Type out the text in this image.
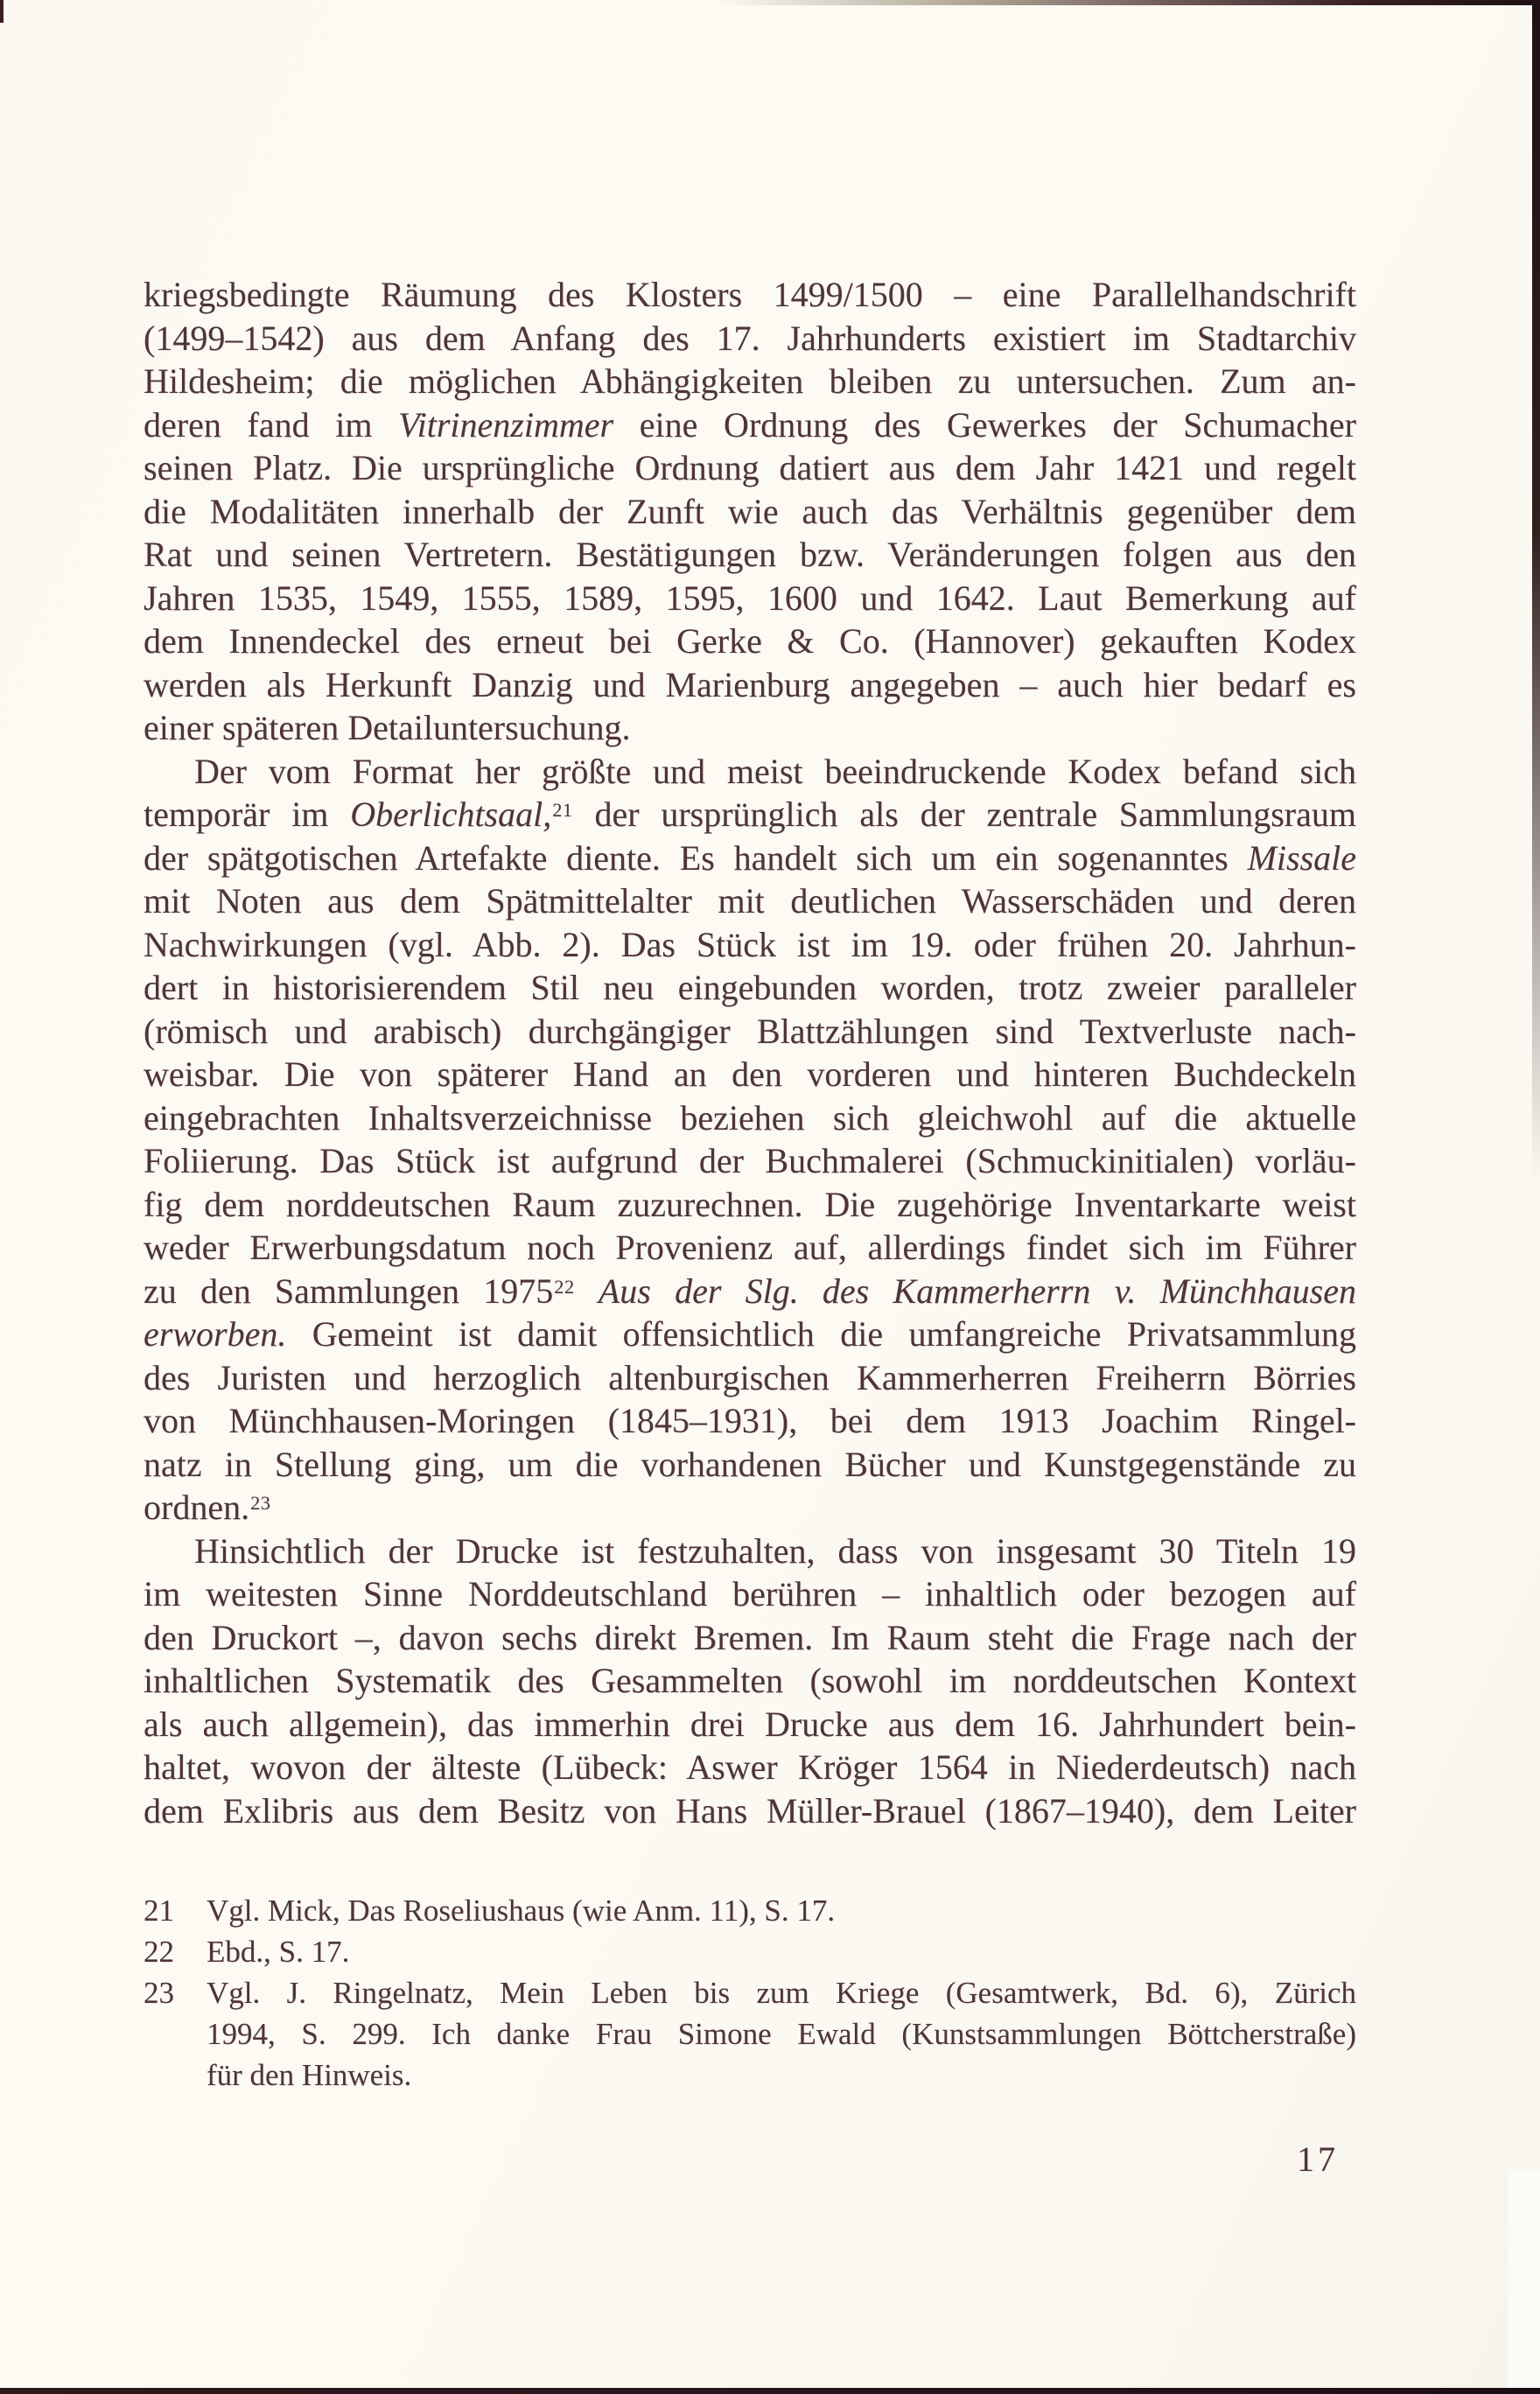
kriegsbedingte Räumung des Klosters 1499/1500 – eine Parallelhandschrift
(1499–1542) aus dem Anfang des 17. Jahrhunderts existiert im Stadtarchiv
Hildesheim; die möglichen Abhängigkeiten bleiben zu untersuchen. Zum an-
deren fand im Vitrinenzimmer eine Ordnung des Gewerkes der Schumacher
seinen Platz. Die ursprüngliche Ordnung datiert aus dem Jahr 1421 und regelt
die Modalitäten innerhalb der Zunft wie auch das Verhältnis gegenüber dem
Rat und seinen Vertretern. Bestätigungen bzw. Veränderungen folgen aus den
Jahren 1535, 1549, 1555, 1589, 1595, 1600 und 1642. Laut Bemerkung auf
dem Innendeckel des erneut bei Gerke & Co. (Hannover) gekauften Kodex
werden als Herkunft Danzig und Marienburg angegeben – auch hier bedarf es
einer späteren Detailuntersuchung.
Der vom Format her größte und meist beeindruckende Kodex befand sich
temporär im Oberlichtsaal,$^{21}$ der ursprünglich als der zentrale Sammlungsraum
der spätgotischen Artefakte diente. Es handelt sich um ein sogenanntes Missale
mit Noten aus dem Spätmittelalter mit deutlichen Wasserschäden und deren
Nachwirkungen (vgl. Abb. 2). Das Stück ist im 19. oder frühen 20. Jahrhun-
dert in historisierendem Stil neu eingebunden worden, trotz zweier paralleler
(römisch und arabisch) durchgängiger Blattzählungen sind Textverluste nach-
weisbar. Die von späterer Hand an den vorderen und hinteren Buchdeckeln
eingebrachten Inhaltsverzeichnisse beziehen sich gleichwohl auf die aktuelle
Foliierung. Das Stück ist aufgrund der Buchmalerei (Schmuckinitialen) vorläu-
fig dem norddeutschen Raum zuzurechnen. Die zugehörige Inventarkarte weist
weder Erwerbungsdatum noch Provenienz auf, allerdings findet sich im Führer
zu den Sammlungen 1975$^{22}$ Aus der Slg. des Kammerherrn v. Münchhausen
erworben. Gemeint ist damit offensichtlich die umfangreiche Privatsammlung
des Juristen und herzoglich altenburgischen Kammerherren Freiherrn Börries
von Münchhausen-Moringen (1845–1931), bei dem 1913 Joachim Ringel-
natz in Stellung ging, um die vorhandenen Bücher und Kunstgegenstände zu
ordnen.$^{23}$
Hinsichtlich der Drucke ist festzuhalten, dass von insgesamt 30 Titeln 19
im weitesten Sinne Norddeutschland berühren – inhaltlich oder bezogen auf
den Druckort –, davon sechs direkt Bremen. Im Raum steht die Frage nach der
inhaltlichen Systematik des Gesammelten (sowohl im norddeutschen Kontext
als auch allgemein), das immerhin drei Drucke aus dem 16. Jahrhundert bein-
haltet, wovon der älteste (Lübeck: Aswer Kröger 1564 in Niederdeutsch) nach
dem Exlibris aus dem Besitz von Hans Müller-Brauel (1867–1940), dem Leiter
21	Vgl. Mick, Das Roseliushaus (wie Anm. 11), S. 17.
22	Ebd., S. 17.
23	Vgl. J. Ringelnatz, Mein Leben bis zum Kriege (Gesamtwerk, Bd. 6), Zürich
1994, S. 299. Ich danke Frau Simone Ewald (Kunstsammlungen Böttcherstraße)
für den Hinweis.
17
